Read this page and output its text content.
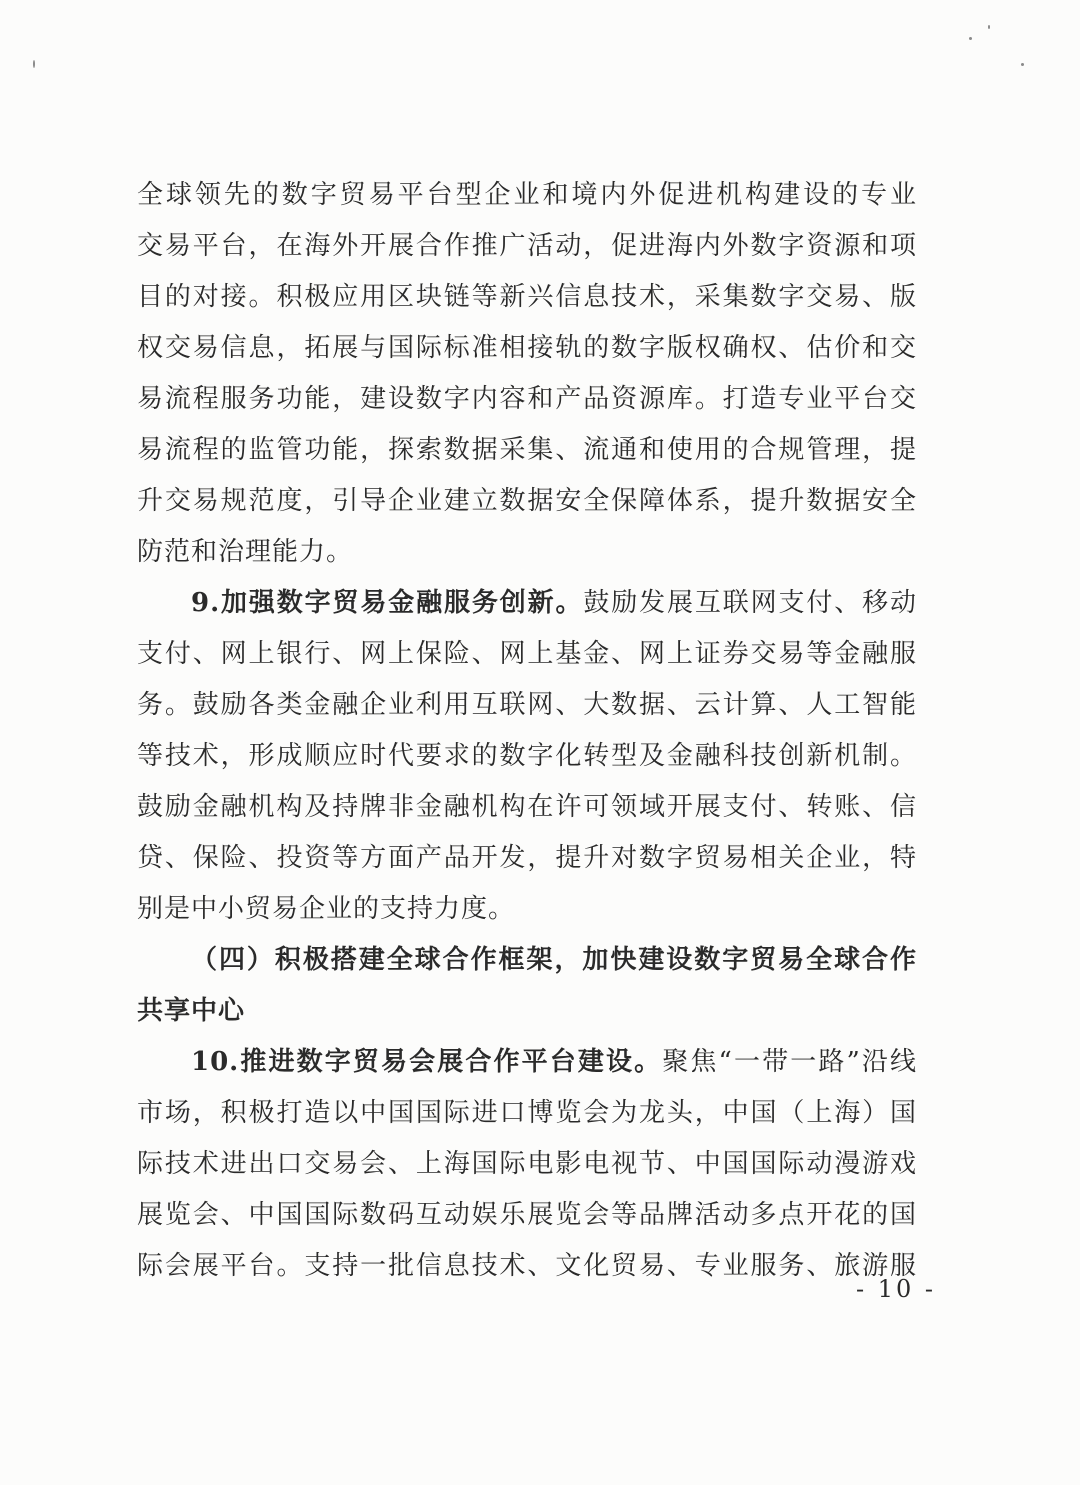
全球领先的数字贸易平台型企业和境内外促进机构建设的专业
交易平台，在海外开展合作推广活动，促进海内外数字资源和项
目的对接。积极应用区块链等新兴信息技术，采集数字交易、版
权交易信息，拓展与国际标准相接轨的数字版权确权、估价和交
易流程服务功能，建设数字内容和产品资源库。打造专业平台交
易流程的监管功能，探索数据采集、流通和使用的合规管理，提
升交易规范度，引导企业建立数据安全保障体系，提升数据安全
防范和治理能力。
9.加强数字贸易金融服务创新。鼓励发展互联网支付、移动
支付、网上银行、网上保险、网上基金、网上证券交易等金融服
务。鼓励各类金融企业利用互联网、大数据、云计算、人工智能
等技术，形成顺应时代要求的数字化转型及金融科技创新机制。
鼓励金融机构及持牌非金融机构在许可领域开展支付、转账、信
贷、保险、投资等方面产品开发，提升对数字贸易相关企业，特
别是中小贸易企业的支持力度。
（四）积极搭建全球合作框架，加快建设数字贸易全球合作
共享中心
10.推进数字贸易会展合作平台建设。聚焦“一带一路”沿线
市场，积极打造以中国国际进口博览会为龙头，中国（上海）国
际技术进出口交易会、上海国际电影电视节、中国国际动漫游戏
展览会、中国国际数码互动娱乐展览会等品牌活动多点开花的国
际会展平台。支持一批信息技术、文化贸易、专业服务、旅游服
- 10 -
